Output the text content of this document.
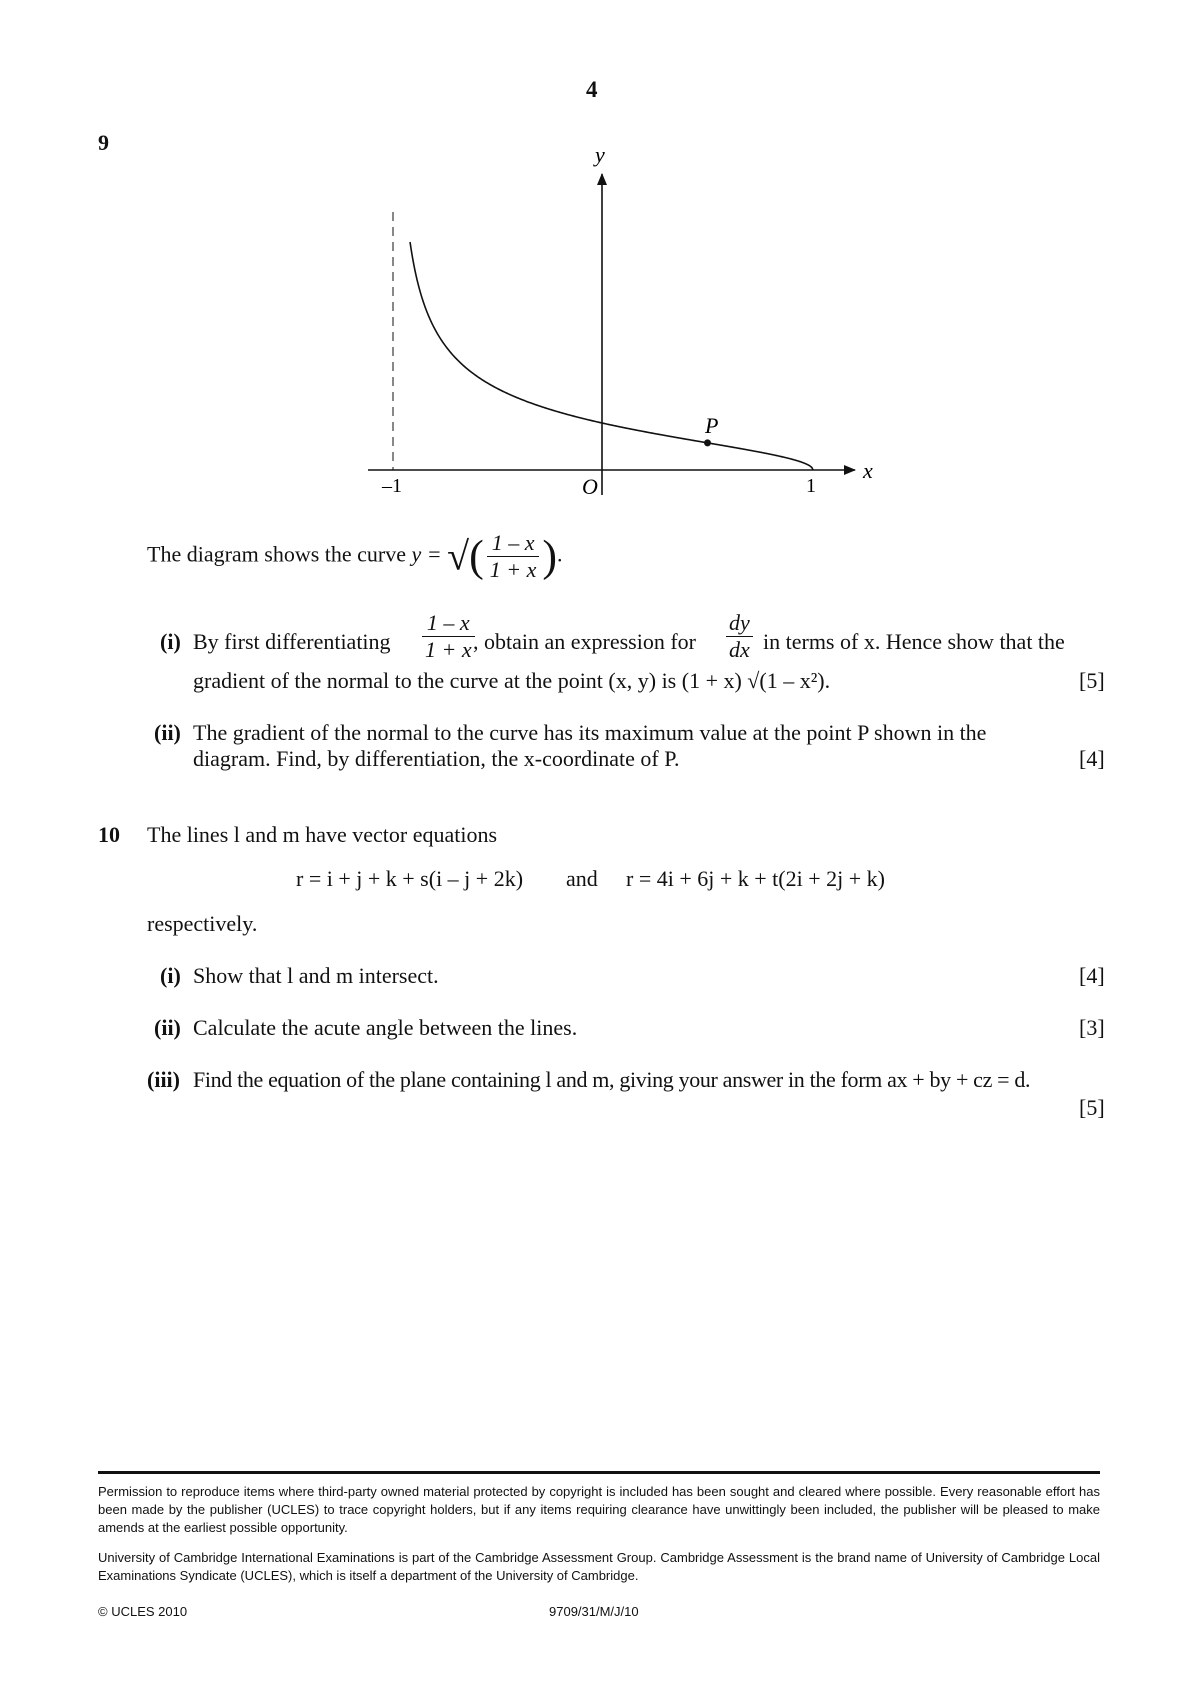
4
9	y
x
O
–1	1
P
The diagram shows the curve y = √( $\frac{1 - x}{1 + x}$ ).
(i) By first differentiating $\frac{1 - x}{1 + x}$
, obtain an expression for $\frac{dy}{dx}$ in terms of x. Hence show that the
gradient of the normal to the curve at the point (x, y) is (1 + x) √(1 – x²).	[5]
(ii) The gradient of the normal to the curve has its maximum value at the point P shown in the
diagram. Find, by differentiation, the x-coordinate of P.	[4]
10 The lines l and m have vector equations
r = i + j + k + s(i – j + 2k) and r = 4i + 6j + k + t(2i + 2j + k)
respectively.
(i) Show that l and m intersect.	[4]
(ii) Calculate the acute angle between the lines.	[3]
(iii) Find the equation of the plane containing l and m, giving your answer in the form ax + by + cz = d.
[5]
Permission to reproduce items where third-party owned material protected by copyright is included has been sought and cleared where possible. Every reasonable effort has been made by the publisher (UCLES) to trace copyright holders, but if any items requiring clearance have unwittingly been included, the publisher will be pleased to make amends at the earliest possible opportunity.
University of Cambridge International Examinations is part of the Cambridge Assessment Group. Cambridge Assessment is the brand name of University of Cambridge Local Examinations Syndicate (UCLES), which is itself a department of the University of Cambridge.
© UCLES 2010	9709/31/M/J/10
